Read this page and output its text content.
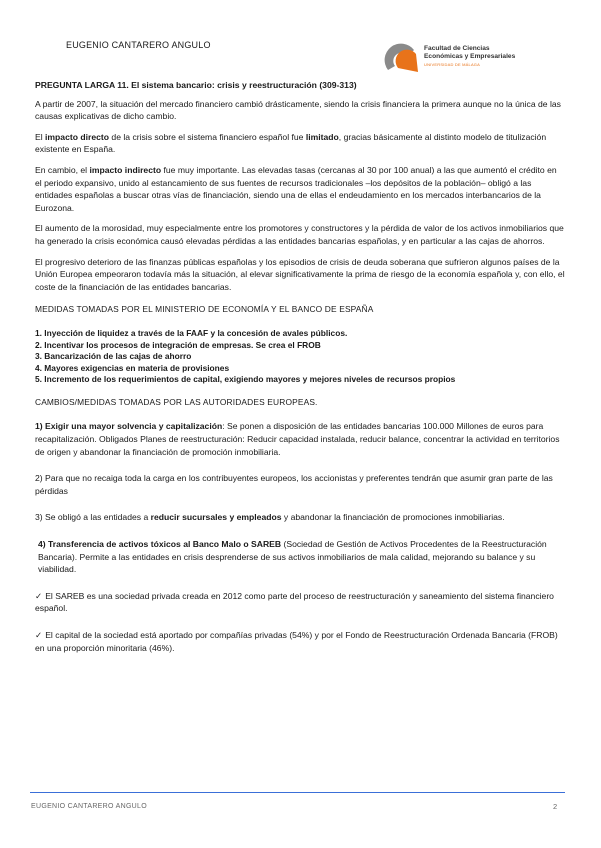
EUGENIO CANTARERO ANGULO	Facultad de Ciencias
Económicas y Empresariales
UNIVERSIDAD DE MÁLAGA

PREGUNTA LARGA 11. El sistema bancario: crisis y reestructuración (309-313)

A partir de 2007, la situación del mercado financiero cambió drásticamente, siendo la crisis financiera la primera aunque no la única de las causas explicativas de dicho cambio.

El impacto directo de la crisis sobre el sistema financiero español fue limitado, gracias básicamente al distinto modelo de titulización existente en España.

En cambio, el impacto indirecto fue muy importante. Las elevadas tasas (cercanas al 30 por 100 anual) a las que aumentó el crédito en el periodo expansivo, unido al estancamiento de sus fuentes de recursos tradicionales –los depósitos de la población– obligó a las entidades españolas a buscar otras vías de financiación, siendo una de ellas el endeudamiento en los mercados interbancarios de la Eurozona.

El aumento de la morosidad, muy especialmente entre los promotores y constructores y la pérdida de valor de los activos inmobiliarios que ha generado la crisis económica causó elevadas pérdidas a las entidades bancarias españolas, y en particular a las cajas de ahorros.

El progresivo deterioro de las finanzas públicas españolas y los episodios de crisis de deuda soberana que sufrieron algunos países de la Unión Europea empeoraron todavía más la situación, al elevar significativamente la prima de riesgo de la economía española y, con ello, el coste de la financiación de las entidades bancarias.

MEDIDAS TOMADAS POR EL MINISTERIO DE ECONOMÍA Y EL BANCO DE ESPAÑA

1. Inyección de liquidez a través de la FAAF y la concesión de avales públicos.
2. Incentivar los procesos de integración de empresas. Se crea el FROB
3. Bancarización de las cajas de ahorro
4. Mayores exigencias en materia de provisiones
5. Incremento de los requerimientos de capital, exigiendo mayores y mejores niveles de recursos propios

CAMBIOS/MEDIDAS TOMADAS POR LAS AUTORIDADES EUROPEAS.

1) Exigir una mayor solvencia y capitalización: Se ponen a disposición de las entidades bancarias 100.000 Millones de euros para recapitalización. Obligados Planes de reestructuración: Reducir capacidad instalada, reducir balance, concentrar la actividad en territorios de origen y abandonar la financiación de promoción inmobiliaria.

2) Para que no recaiga toda la carga en los contribuyentes europeos, los accionistas y preferentes tendrán que asumir gran parte de las pérdidas

3) Se obligó a las entidades a reducir sucursales y empleados y abandonar la financiación de promociones inmobiliarias.

4) Transferencia de activos tóxicos al Banco Malo o SAREB (Sociedad de Gestión de Activos Procedentes de la Reestructuración Bancaria). Permite a las entidades en crisis desprenderse de sus activos inmobiliarios de mala calidad, mejorando su balance y su viabilidad.

✓ El SAREB es una sociedad privada creada en 2012 como parte del proceso de reestructuración y saneamiento del sistema financiero español.

✓ El capital de la sociedad está aportado por compañías privadas (54%) y por el Fondo de Reestructuración Ordenada Bancaria (FROB) en una proporción minoritaria (46%).

EUGENIO CANTARERO ANGULO	2
